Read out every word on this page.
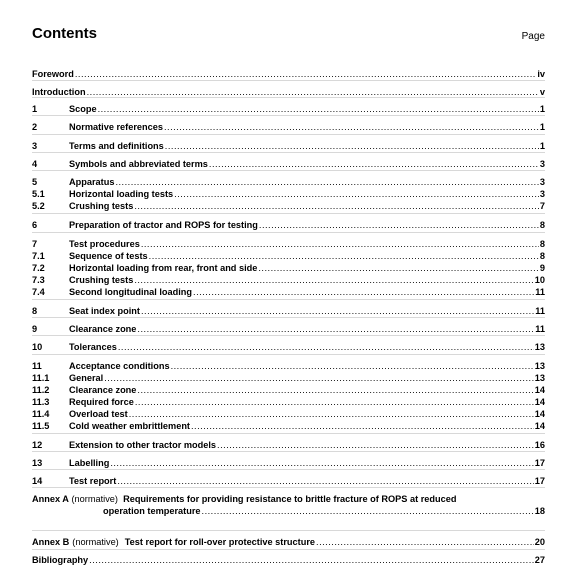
Contents	Page
Foreword .....	iv
Introduction .....	v
1	Scope .....	1
2	Normative references .....	1
3	Terms and definitions .....	1
4	Symbols and abbreviated terms .....	3
5	Apparatus .....	3
5.1	Horizontal loading tests .....	3
5.2	Crushing tests .....	7
6	Preparation of tractor and ROPS for testing .....	8
7	Test procedures .....	8
7.1	Sequence of tests .....	8
7.2	Horizontal loading from rear, front and side .....	9
7.3	Crushing tests .....	10
7.4	Second longitudinal loading .....	11
8	Seat index point .....	11
9	Clearance zone .....	11
10	Tolerances .....	13
11	Acceptance conditions .....	13
11.1	General .....	13
11.2	Clearance zone .....	14
11.3	Required force .....	14
11.4	Overload test .....	14
11.5	Cold weather embrittlement .....	14
12	Extension to other tractor models .....	16
13	Labelling .....	17
14	Test report .....	17
Annex A (normative) Requirements for providing resistance to brittle fracture of ROPS at reduced
operation temperature .....	18
Annex B (normative) Test report for roll-over protective structure .....	20
Bibliography .....	27
